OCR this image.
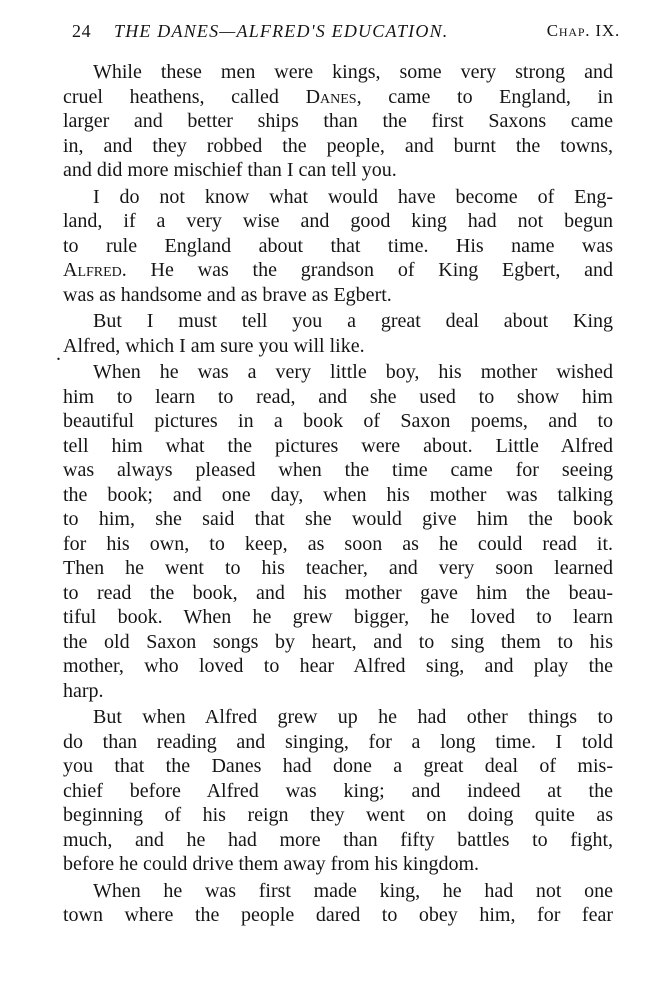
24 THE DANES—ALFRED'S EDUCATION.	Chap. IX.
.
While these men were kings, some very strong and
cruel heathens, called Danes, came to England, in
larger and better ships than the first Saxons came
in, and they robbed the people, and burnt the towns,
and did more mischief than I can tell you.
I do not know what would have become of Eng-
land, if a very wise and good king had not begun
to rule England about that time. His name was
Alfred. He was the grandson of King Egbert, and
was as handsome and as brave as Egbert.
But I must tell you a great deal about King
Alfred, which I am sure you will like.
When he was a very little boy, his mother wished
him to learn to read, and she used to show him
beautiful pictures in a book of Saxon poems, and to
tell him what the pictures were about. Little Alfred
was always pleased when the time came for seeing
the book; and one day, when his mother was talking
to him, she said that she would give him the book
for his own, to keep, as soon as he could read it.
Then he went to his teacher, and very soon learned
to read the book, and his mother gave him the beau-
tiful book. When he grew bigger, he loved to learn
the old Saxon songs by heart, and to sing them to his
mother, who loved to hear Alfred sing, and play the
harp.
But when Alfred grew up he had other things to
do than reading and singing, for a long time. I told
you that the Danes had done a great deal of mis-
chief before Alfred was king; and indeed at the
beginning of his reign they went on doing quite as
much, and he had more than fifty battles to fight,
before he could drive them away from his kingdom.
When he was first made king, he had not one
town where the people dared to obey him, for fear
